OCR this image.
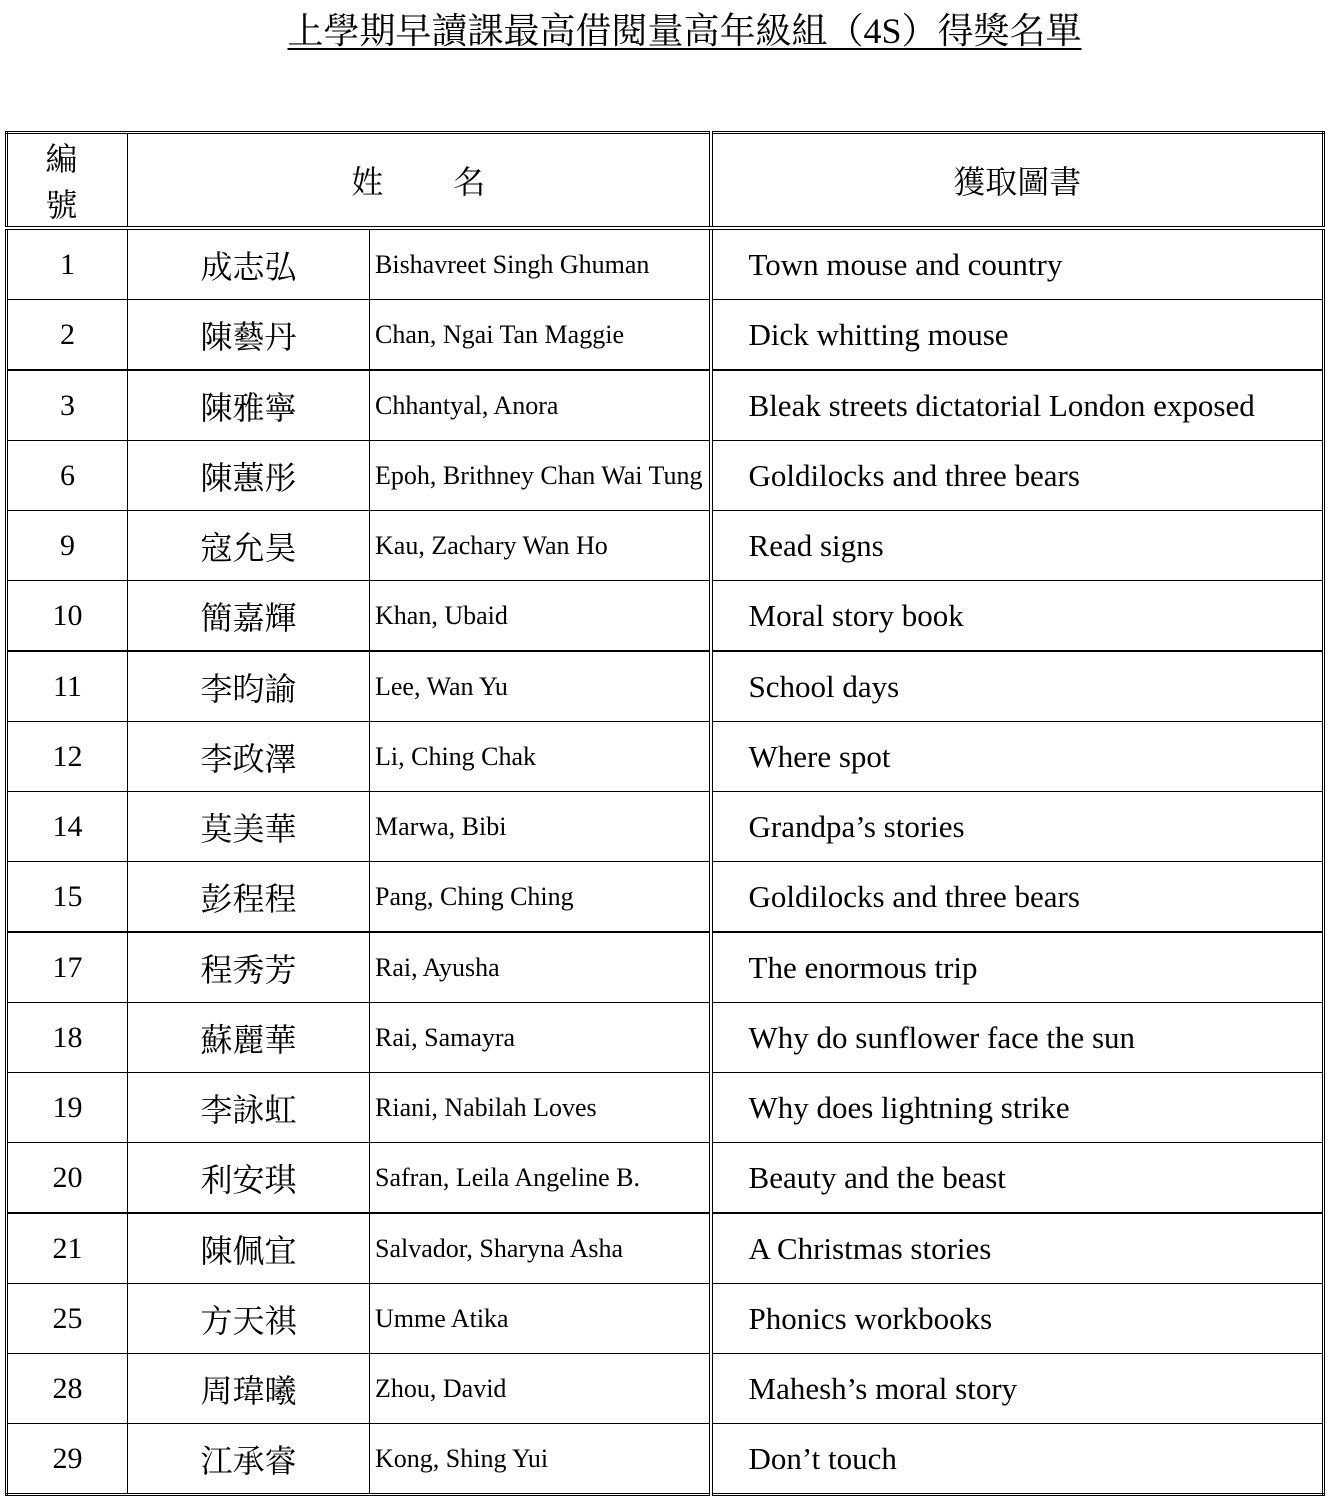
上學期早讀課最高借閱量高年級組（4S）得獎名單
編號	姓名		獲取圖書
1	成志弘	Bishavreet Singh Ghuman	Town mouse and country
2	陳藝丹	Chan, Ngai Tan Maggie	Dick whitting mouse
3	陳雅寧	Chhantyal, Anora	Bleak streets dictatorial London exposed
6	陳蕙彤	Epoh, Brithney Chan Wai Tung	Goldilocks and three bears
9	寇允昊	Kau, Zachary Wan Ho	Read signs
10	簡嘉輝	Khan, Ubaid	Moral story book
11	李昀諭	Lee, Wan Yu	School days
12	李政澤	Li, Ching Chak	Where spot
14	莫美華	Marwa, Bibi	Grandpa’s stories
15	彭程程	Pang, Ching Ching	Goldilocks and three bears
17	程秀芳	Rai, Ayusha	The enormous trip
18	蘇麗華	Rai, Samayra	Why do sunflower face the sun
19	李詠虹	Riani, Nabilah Loves	Why does lightning strike
20	利安琪	Safran, Leila Angeline B.	Beauty and the beast
21	陳佩宜	Salvador, Sharyna Asha	A Christmas stories
25	方天祺	Umme Atika	Phonics workbooks
28	周瑋曦	Zhou, David	Mahesh’s moral story
29	江承睿	Kong, Shing Yui	Don’t touch
